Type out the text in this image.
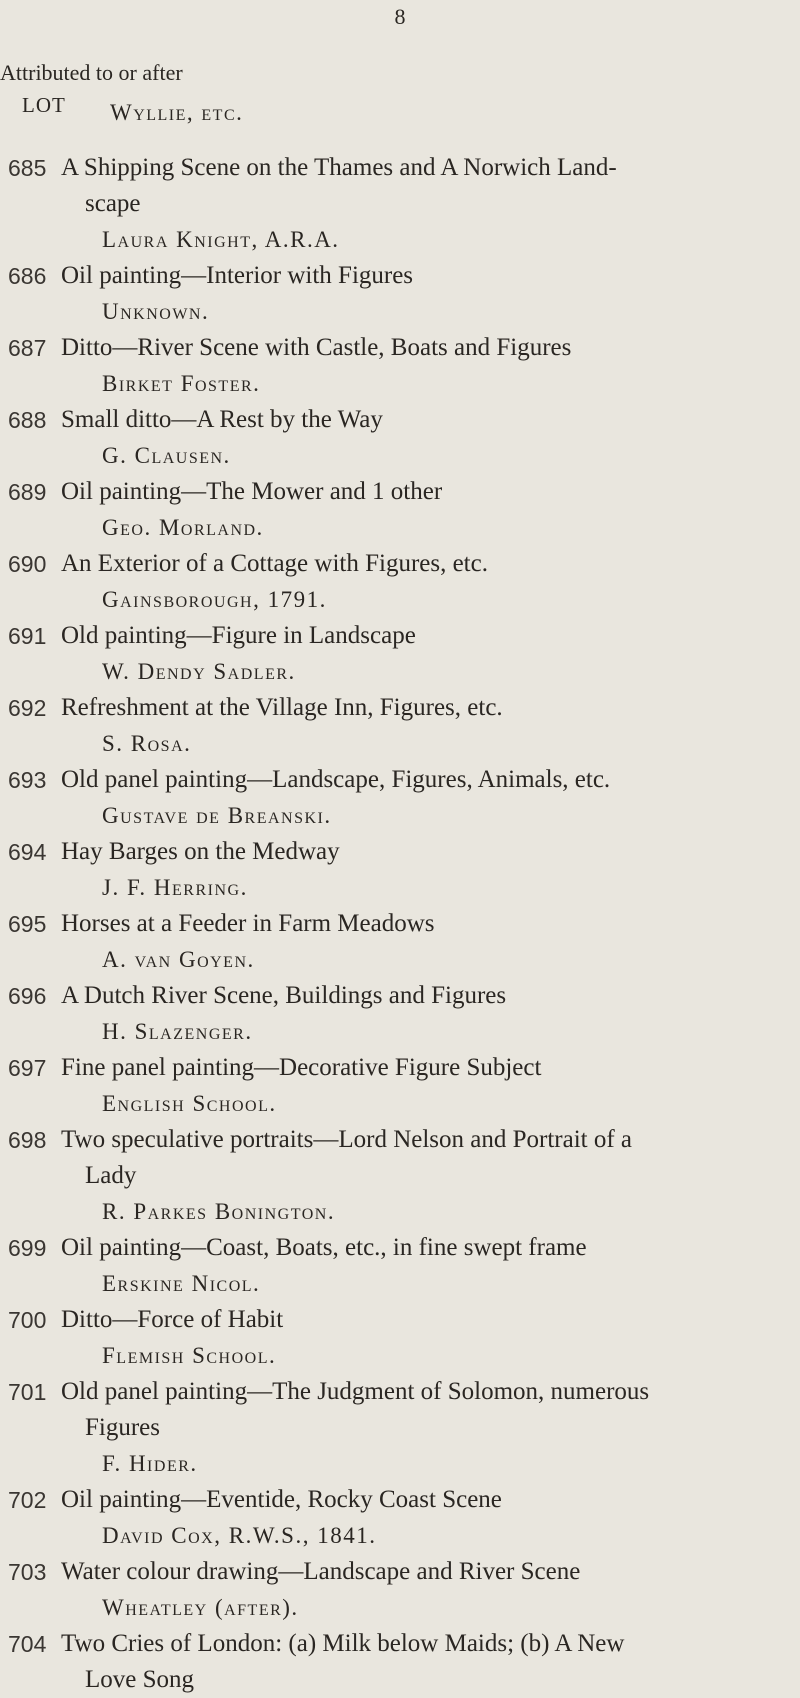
8
Attributed to or after
LOT Wyllie, etc.
685 A Shipping Scene on the Thames and A Norwich Land-
scape
Laura Knight, A.R.A.
686 Oil painting—Interior with Figures
Unknown.
687 Ditto—River Scene with Castle, Boats and Figures
Birket Foster.
688 Small ditto—A Rest by the Way
G. Clausen.
689 Oil painting—The Mower and 1 other
Geo. Morland.
690 An Exterior of a Cottage with Figures, etc.
Gainsborough, 1791.
691 Old painting—Figure in Landscape
W. Dendy Sadler.
692 Refreshment at the Village Inn, Figures, etc.
S. Rosa.
693 Old panel painting—Landscape, Figures, Animals, etc.
Gustave de Breanski.
694 Hay Barges on the Medway
J. F. Herring.
695 Horses at a Feeder in Farm Meadows
A. van Goyen.
696 A Dutch River Scene, Buildings and Figures
H. Slazenger.
697 Fine panel painting—Decorative Figure Subject
English School.
698 Two speculative portraits—Lord Nelson and Portrait of a
Lady
R. Parkes Bonington.
699 Oil painting—Coast, Boats, etc., in fine swept frame
Erskine Nicol.
700 Ditto—Force of Habit
Flemish School.
701 Old panel painting—The Judgment of Solomon, numerous
Figures
F. Hider.
702 Oil painting—Eventide, Rocky Coast Scene
David Cox, R.W.S., 1841.
703 Water colour drawing—Landscape and River Scene
Wheatley (after).
704 Two Cries of London: (a) Milk below Maids; (b) A New
Love Song
